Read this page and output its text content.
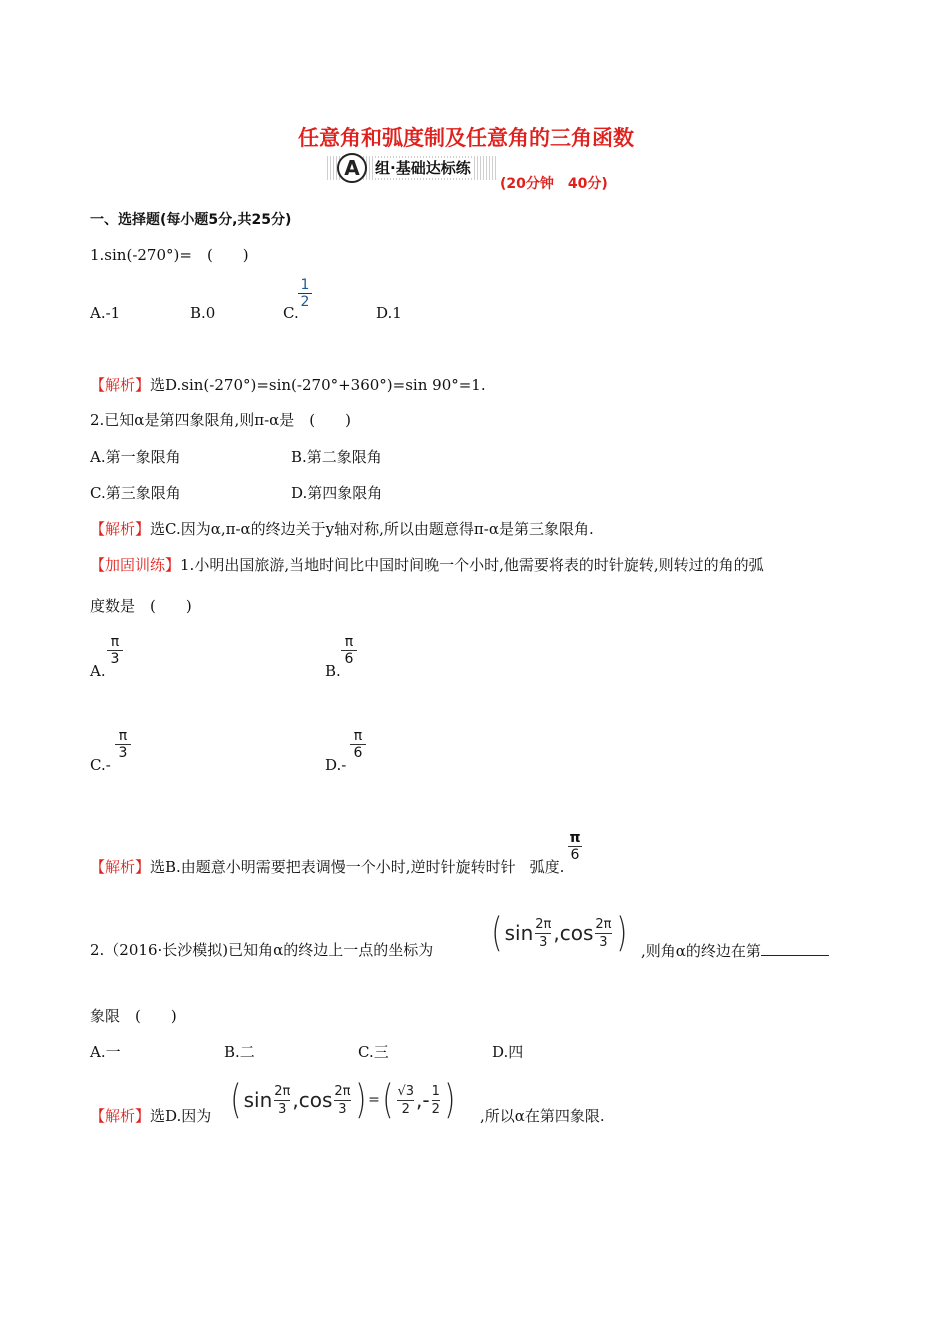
任意角和弧度制及任意角的三角函数
A	组·基础达标练
(20分钟　40分)
一、选择题(每小题5分,共25分)
1.sin(-270°)=　(　　)
A.-1	B.0	C.
1
2
D.1
【解析】选D.sin(-270°)=sin(-270°+360°)=sin 90°=1.
2.已知α是第四象限角,则π-α是　(　　)
A.第一象限角	B.第二象限角
C.第三象限角	D.第四象限角
【解析】选C.因为α,π-α的终边关于y轴对称,所以由题意得π-α是第三象限角.
【加固训练】1.小明出国旅游,当地时间比中国时间晚一个小时,他需要将表的时针旋转,则转过的角的弧
度数是　(　　)
A.
π
3
B.
π
6
C.-
π
3
D.-
π
6
【解析】选B.由题意小明需要把表调慢一个小时,逆时针旋转时针 弧度.
π
6
2.（2016·长沙模拟)已知角α的终边上一点的坐标为 ( sin 2π
3 , cos 2π
3 ) ,则角α的终边在第
象限　(　　)
A.一	B.二	C.三	D.四
【解析】选D.因为 ( sin 2π
3 , cos 2π
3 ) = ( √3
2 , - 1
2 ) ,所以α在第四象限.
